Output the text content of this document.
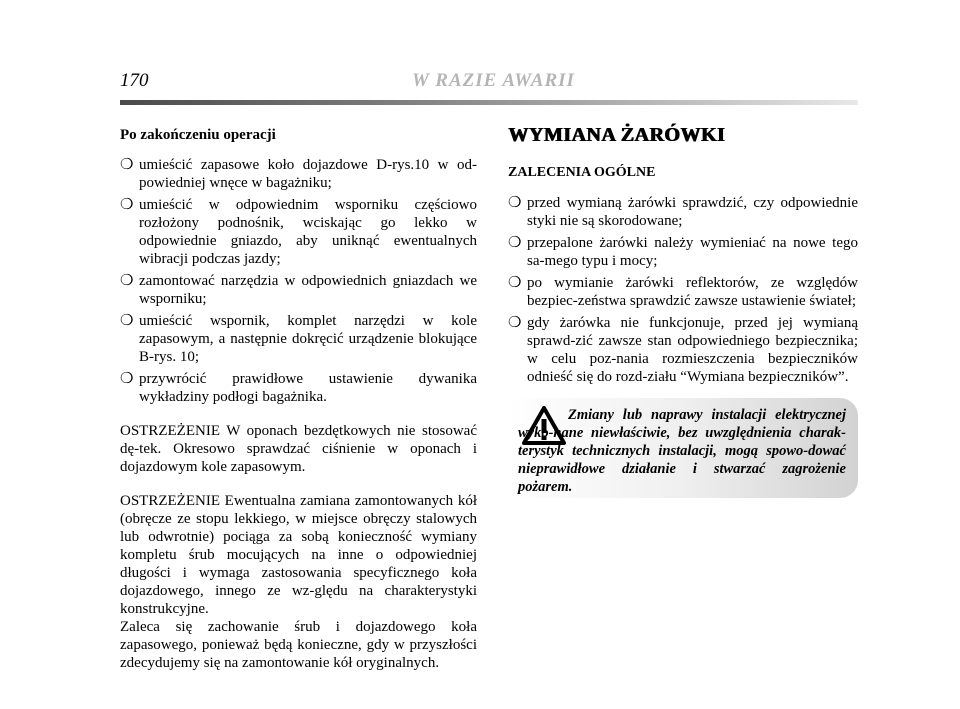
170	W RAZIE AWARII

Po zakończeniu operacji

❍ umieścić zapasowe koło dojazdowe D-rys.10 w od-powiedniej wnęce w bagażniku;
❍ umieścić w odpowiednim wsporniku częściowo rozłożony podnośnik, wciskając go lekko w odpowiednie gniazdo, aby uniknąć ewentualnych wibracji podczas jazdy;
❍ zamontować narzędzia w odpowiednich gniazdach we wsporniku;
❍ umieścić wspornik, komplet narzędzi w kole zapasowym, a następnie dokręcić urządzenie blokujące B-rys. 10;
❍ przywrócić prawidłowe ustawienie dywanika wykładziny podłogi bagażnika.

OSTRZEŻENIE W oponach bezdętkowych nie stosować dę-tek. Okresowo sprawdzać ciśnienie w oponach i dojazdowym kole zapasowym.

OSTRZEŻENIE Ewentualna zamiana zamontowanych kół (obręcze ze stopu lekkiego, w miejsce obręczy stalowych lub odwrotnie) pociąga za sobą konieczność wymiany kompletu śrub mocujących na inne o odpowiedniej długości i wymaga zastosowania specyficznego koła dojazdowego, innego ze wz-ględu na charakterystyki konstrukcyjne.

Zaleca się zachowanie śrub i dojazdowego koła zapasowego, ponieważ będą konieczne, gdy w przyszłości zdecydujemy się na zamontowanie kół oryginalnych.

WYMIANA ŻARÓWKI

ZALECENIA OGÓLNE

❍ przed wymianą żarówki sprawdzić, czy odpowiednie styki nie są skorodowane;
❍ przepalone żarówki należy wymieniać na nowe tego sa-mego typu i mocy;
❍ po wymianie żarówki reflektorów, ze względów bezpiec-zeństwa sprawdzić zawsze ustawienie świateł;
❍ gdy żarówka nie funkcjonuje, przed jej wymianą sprawd-zić zawsze stan odpowiedniego bezpiecznika; w celu poz-nania rozmieszczenia bezpieczników odnieść się do rozd-ziału “Wymiana bezpieczników”.
Zmiany lub naprawy instalacji elektrycznej wyko-nane niewłaściwie, bez uwzględnienia charak-terystyk technicznych instalacji, mogą spowo-dować nieprawidłowe działanie i stwarzać zagrożenie pożarem.
